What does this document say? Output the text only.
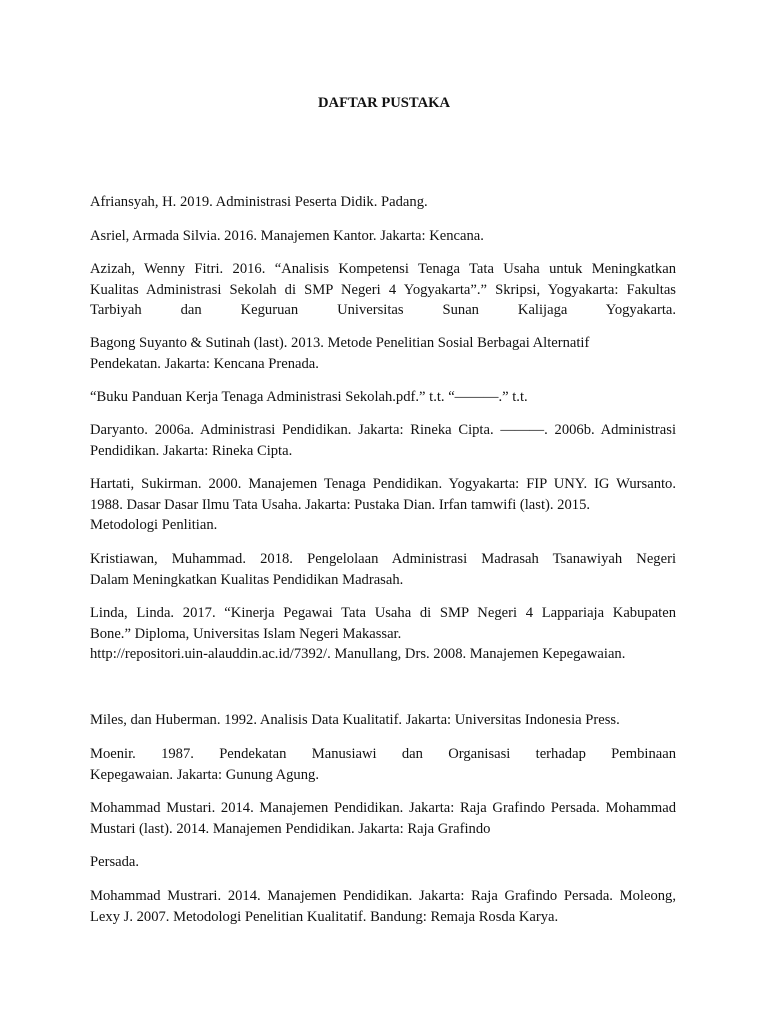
DAFTAR PUSTAKA
Afriansyah, H. 2019. Administrasi Peserta Didik. Padang.
Asriel, Armada Silvia. 2016. Manajemen Kantor. Jakarta: Kencana.
Azizah, Wenny Fitri. 2016. “Analisis Kompetensi Tenaga Tata Usaha untuk Meningkatkan
Kualitas Administrasi Sekolah di SMP Negeri 4 Yogyakarta”.” Skripsi, Yogyakarta: Fakultas
Tarbiyah dan Keguruan Universitas Sunan Kalijaga Yogyakarta.
Bagong Suyanto & Sutinah (last). 2013. Metode Penelitian Sosial Berbagai Alternatif
Pendekatan. Jakarta: Kencana Prenada.
“Buku Panduan Kerja Tenaga Administrasi Sekolah.pdf.” t.t. “———.” t.t.
Daryanto. 2006a. Administrasi Pendidikan. Jakarta: Rineka Cipta. ———. 2006b. Administrasi
Pendidikan. Jakarta: Rineka Cipta.
Hartati, Sukirman. 2000. Manajemen Tenaga Pendidikan. Yogyakarta: FIP UNY. IG Wursanto.
1988. Dasar Dasar Ilmu Tata Usaha. Jakarta: Pustaka Dian. Irfan tamwifi (last). 2015.
Metodologi Penlitian.
Kristiawan, Muhammad. 2018. Pengelolaan Administrasi Madrasah Tsanawiyah Negeri
Dalam Meningkatkan Kualitas Pendidikan Madrasah.
Linda, Linda. 2017. “Kinerja Pegawai Tata Usaha di SMP Negeri 4 Lappariaja Kabupaten
Bone.” Diploma, Universitas Islam Negeri Makassar.
http://repositori.uin-alauddin.ac.id/7392/. Manullang, Drs. 2008. Manajemen Kepegawaian.
Miles, dan Huberman. 1992. Analisis Data Kualitatif. Jakarta: Universitas Indonesia Press.
Moenir. 1987. Pendekatan Manusiawi dan Organisasi terhadap Pembinaan
Kepegawaian. Jakarta: Gunung Agung.
Mohammad Mustari. 2014. Manajemen Pendidikan. Jakarta: Raja Grafindo Persada. Mohammad
Mustari (last). 2014. Manajemen Pendidikan. Jakarta: Raja Grafindo
Persada.
Mohammad Mustrari. 2014. Manajemen Pendidikan. Jakarta: Raja Grafindo Persada. Moleong,
Lexy J. 2007. Metodologi Penelitian Kualitatif. Bandung: Remaja Rosda Karya.
